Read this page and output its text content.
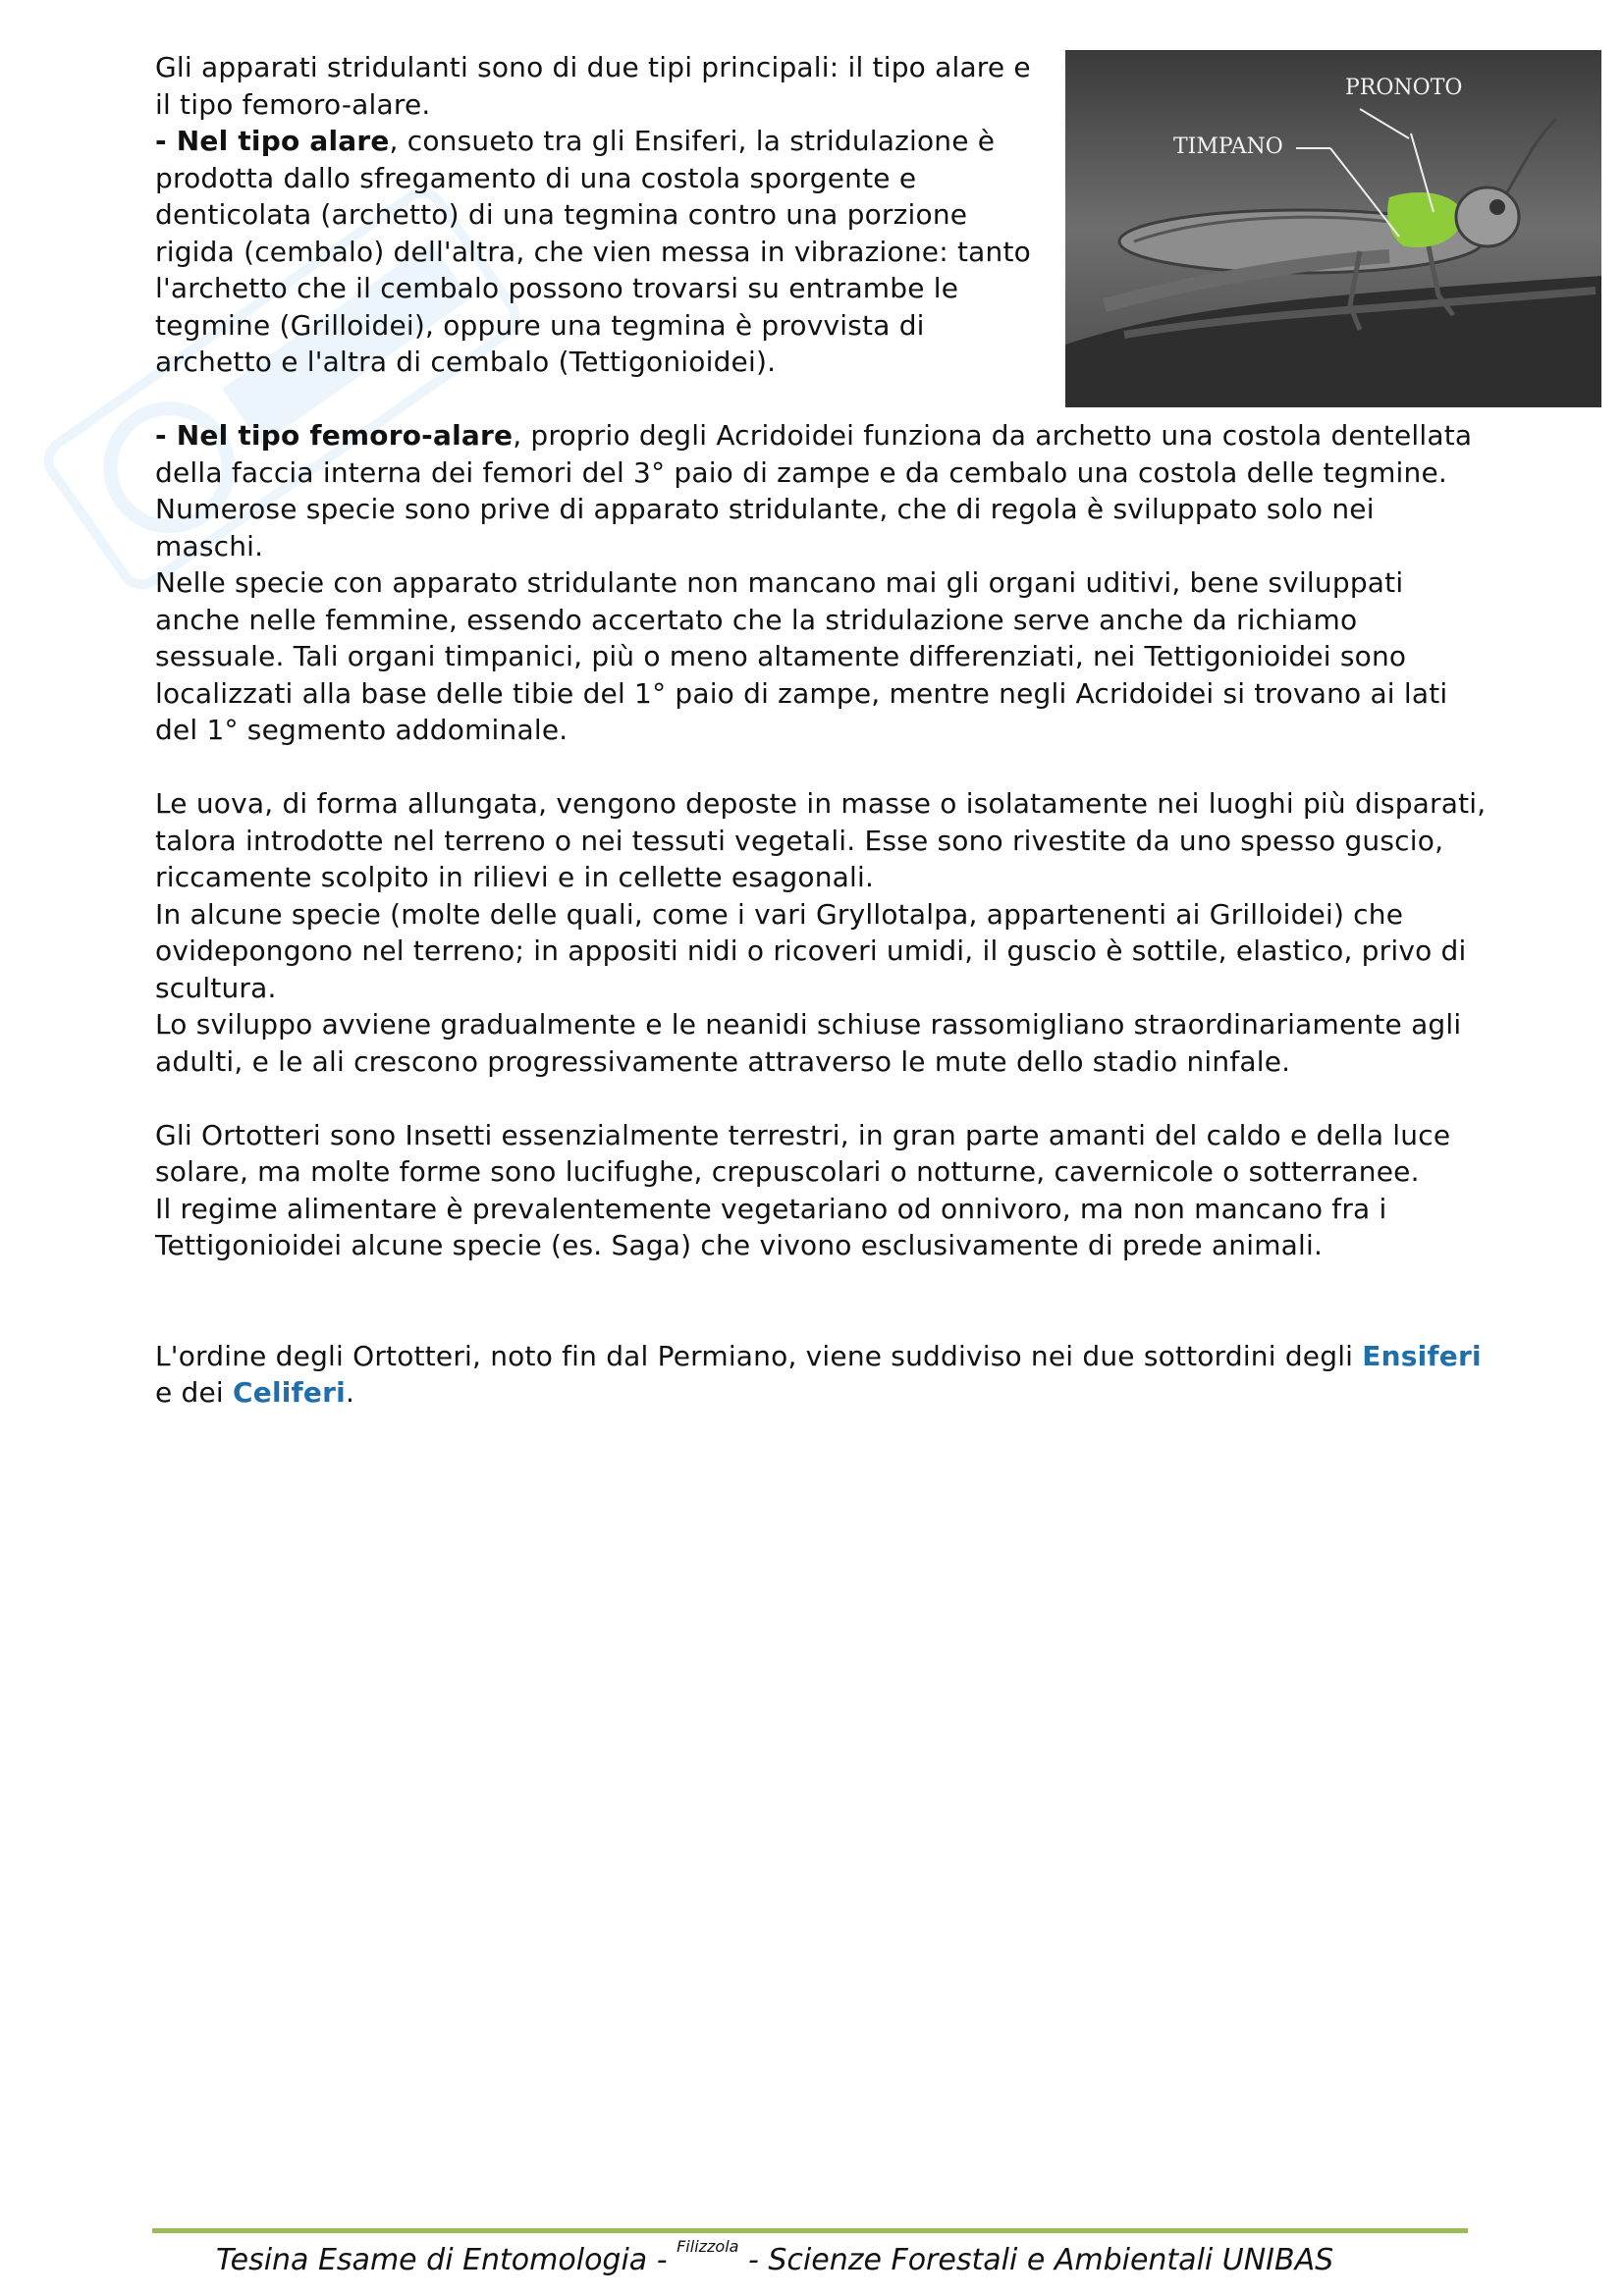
Gli apparati stridulanti sono di due tipi principali: il tipo alare e il tipo femoro-alare.

- Nel tipo alare, consueto tra gli Ensiferi, la stridulazione è prodotta dallo sfregamento di una costola sporgente e denticolata (archetto) di una tegmina contro una porzione rigida (cembalo) dell'altra, che vien messa in vibrazione: tanto l'archetto che il cembalo possono trovarsi su entrambe le tegmine (Grilloidei), oppure una tegmina è provvista di archetto e l'altra di cembalo (Tettigonioidei).

PRONOTO
TIMPANO

- Nel tipo femoro-alare, proprio degli Acridoidei funziona da archetto una costola dentellata della faccia interna dei femori del 3° paio di zampe e da cembalo una costola delle tegmine.

Numerose specie sono prive di apparato stridulante, che di regola è sviluppato solo nei maschi.

Nelle specie con apparato stridulante non mancano mai gli organi uditivi, bene sviluppati anche nelle femmine, essendo accertato che la stridulazione serve anche da richiamo sessuale. Tali organi timpanici, più o meno altamente differenziati, nei Tettigonioidei sono localizzati alla base delle tibie del 1° paio di zampe, mentre negli Acridoidei si trovano ai lati del 1° segmento addominale.

Le uova, di forma allungata, vengono deposte in masse o isolatamente nei luoghi più disparati, talora introdotte nel terreno o nei tessuti vegetali. Esse sono rivestite da uno spesso guscio, riccamente scolpito in rilievi e in cellette esagonali.

In alcune specie (molte delle quali, come i vari Gryllotalpa, appartenenti ai Grilloidei) che ovidepongono nel terreno; in appositi nidi o ricoveri umidi, il guscio è sottile, elastico, privo di scultura.

Lo sviluppo avviene gradualmente e le neanidi schiuse rassomigliano straordinariamente agli adulti, e le ali crescono progressivamente attraverso le mute dello stadio ninfale.

Gli Ortotteri sono Insetti essenzialmente terrestri, in gran parte amanti del caldo e della luce solare, ma molte forme sono lucifughe, crepuscolari o notturne, cavernicole o sotterranee.

Il regime alimentare è prevalentemente vegetariano od onnivoro, ma non mancano fra i Tettigonioidei alcune specie (es. Saga) che vivono esclusivamente di prede animali.

L'ordine degli Ortotteri, noto fin dal Permiano, viene suddiviso nei due sottordini degli Ensiferi e dei Celiferi.

Tesina Esame di Entomologia - $^{Filizzola}$ - Scienze Forestali e Ambientali UNIBAS
